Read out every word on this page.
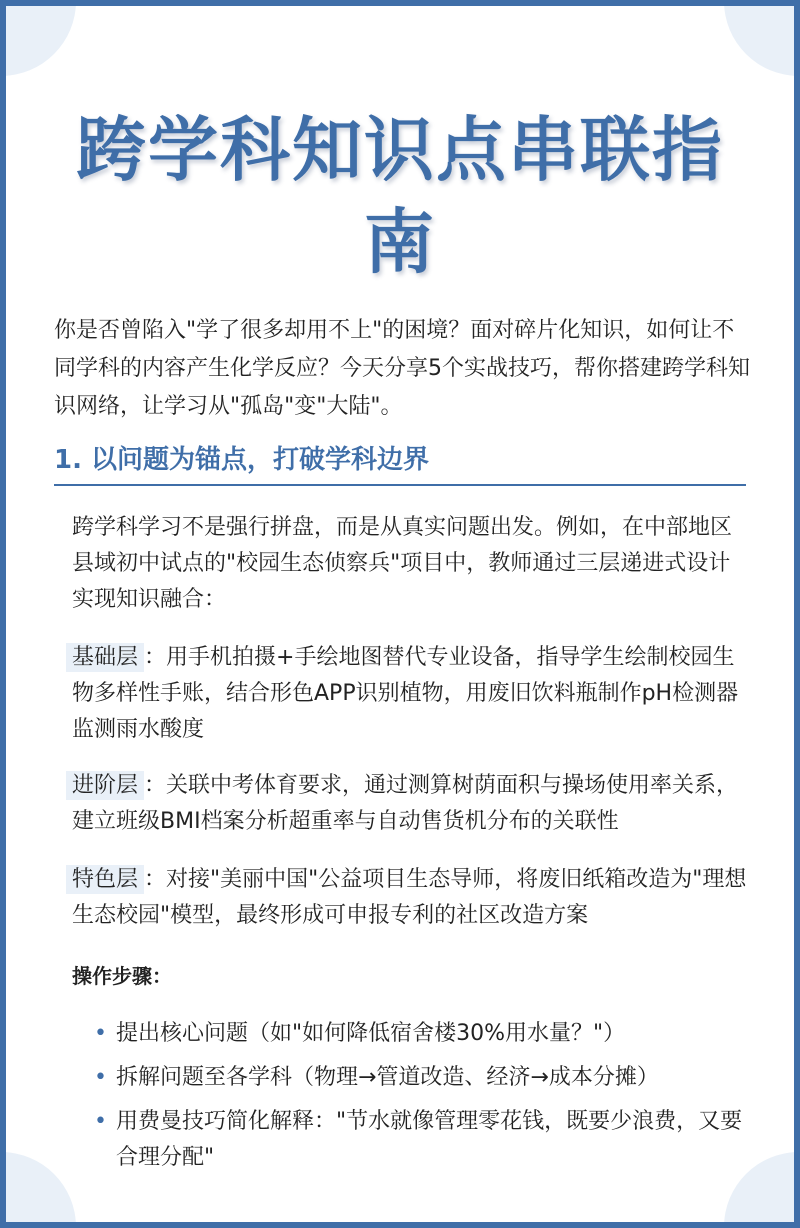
跨学科知识点串联指南

你是否曾陷入"学了很多却用不上"的困境？面对碎片化知识，如何让不同学科的内容产生化学反应？今天分享5个实战技巧，帮你搭建跨学科知识网络，让学习从"孤岛"变"大陆"。

1. 以问题为锚点，打破学科边界

跨学科学习不是强行拼盘，而是从真实问题出发。例如，在中部地区县域初中试点的"校园生态侦察兵"项目中，教师通过三层递进式设计实现知识融合：

基础层 ：用手机拍摄+手绘地图替代专业设备，指导学生绘制校园生物多样性手账，结合形色APP识别植物，用废旧饮料瓶制作pH检测器监测雨水酸度

进阶层 ：关联中考体育要求，通过测算树荫面积与操场使用率关系，建立班级BMI档案分析超重率与自动售货机分布的关联性

特色层 ：对接"美丽中国"公益项目生态导师，将废旧纸箱改造为"理想生态校园"模型，最终形成可申报专利的社区改造方案

操作步骤：

• 提出核心问题（如"如何降低宿舍楼30%用水量？"）
• 拆解问题至各学科（物理→管道改造、经济→成本分摊）
• 用费曼技巧简化解释："节水就像管理零花钱，既要少浪费，又要合理分配"
